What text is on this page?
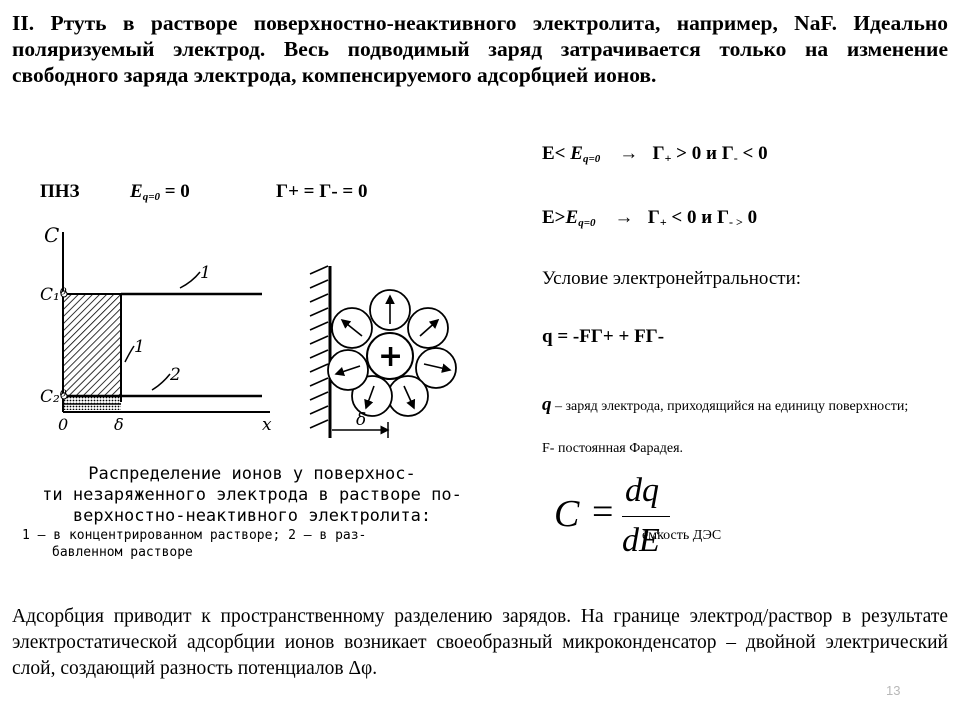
II. Ртуть в растворе поверхностно-неактивного электролита, например, NaF. Идеально поляризуемый электрод. Весь подводимый заряд затрачивается только на изменение свободного заряда электрода, компенсируемого адсорбцией ионов.
ПНЗ	$E_{q=0} = 0$	Г+ = Г- = 0
$E< E_{q=0} \to Г_+ > 0$ и $Г_- < 0$
$E>E_{q=0} \to Г_+ < 0$ и $Г_{- >}$ 0
Условие электронейтральности:
q = -FГ+ + FГ-
q – заряд электрода, приходящийся на единицу поверхности;
F- постоянная Фарадея.
C =
dq
dE
ёмкость ДЭС
C
C₁⁰
C₂⁰
0	δ	x
1
1
2
+
δ
Распределение ионов у поверхнос-
ти незаряженного электрода в растворе по-
верхностно-неактивного электролита:
1 — в концентрированном растворе; 2 — в раз-
бавленном растворе
Адсорбция приводит к пространственному разделению зарядов. На границе электрод/раствор в результате электростатической адсорбции ионов возникает своеобразный микроконденсатор – двойной электрический слой, создающий разность потенциалов Δφ.
13
